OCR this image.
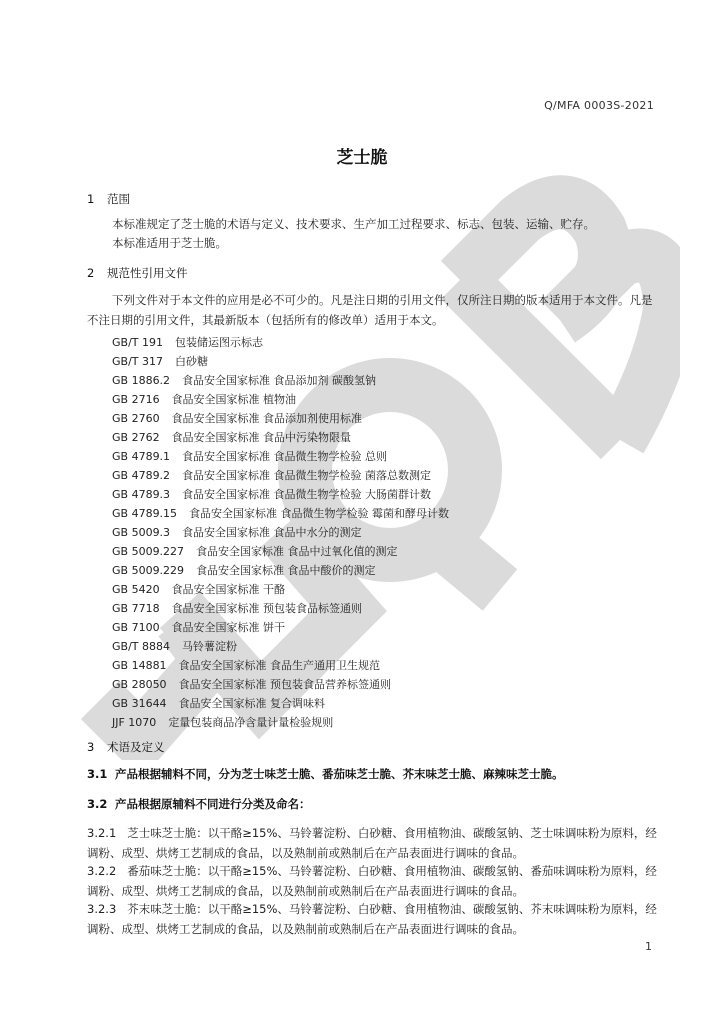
Q/MFA 0003S-2021
芝士脆
1 范围
本标准规定了芝士脆的术语与定义、技术要求、生产加工过程要求、标志、包装、运输、贮存。
本标准适用于芝士脆。
2 规范性引用文件
下列文件对于本文件的应用是必不可少的。凡是注日期的引用文件，仅所注日期的版本适用于本文件。凡是不注日期的引用文件，其最新版本（包括所有的修改单）适用于本文。
GB/T 191 包装储运图示标志
GB/T 317 白砂糖
GB 1886.2 食品安全国家标准 食品添加剂 碳酸氢钠
GB 2716 食品安全国家标准 植物油
GB 2760 食品安全国家标准 食品添加剂使用标准
GB 2762 食品安全国家标准 食品中污染物限量
GB 4789.1 食品安全国家标准 食品微生物学检验 总则
GB 4789.2 食品安全国家标准 食品微生物学检验 菌落总数测定
GB 4789.3 食品安全国家标准 食品微生物学检验 大肠菌群计数
GB 4789.15 食品安全国家标准 食品微生物学检验 霉菌和酵母计数
GB 5009.3 食品安全国家标准 食品中水分的测定
GB 5009.227 食品安全国家标准 食品中过氧化值的测定
GB 5009.229 食品安全国家标准 食品中酸价的测定
GB 5420 食品安全国家标准 干酪
GB 7718 食品安全国家标准 预包装食品标签通则
GB 7100 食品安全国家标准 饼干
GB/T 8884 马铃薯淀粉
GB 14881 食品安全国家标准 食品生产通用卫生规范
GB 28050 食品安全国家标准 预包装食品营养标签通则
GB 31644 食品安全国家标准 复合调味料
JJF 1070 定量包装商品净含量计量检验规则
3 术语及定义
3.1 产品根据辅料不同，分为芝士味芝士脆、番茄味芝士脆、芥末味芝士脆、麻辣味芝士脆。
3.2 产品根据原辅料不同进行分类及命名：
3.2.1 芝士味芝士脆：以干酪≥15%、马铃薯淀粉、白砂糖、食用植物油、碳酸氢钠、芝士味调味粉为原料，经调粉、成型、烘烤工艺制成的食品，以及熟制前或熟制后在产品表面进行调味的食品。
3.2.2 番茄味芝士脆：以干酪≥15%、马铃薯淀粉、白砂糖、食用植物油、碳酸氢钠、番茄味调味粉为原料，经调粉、成型、烘烤工艺制成的食品，以及熟制前或熟制后在产品表面进行调味的食品。
3.2.3 芥末味芝士脆：以干酪≥15%、马铃薯淀粉、白砂糖、食用植物油、碳酸氢钠、芥末味调味粉为原料，经调粉、成型、烘烤工艺制成的食品，以及熟制前或熟制后在产品表面进行调味的食品。
1
